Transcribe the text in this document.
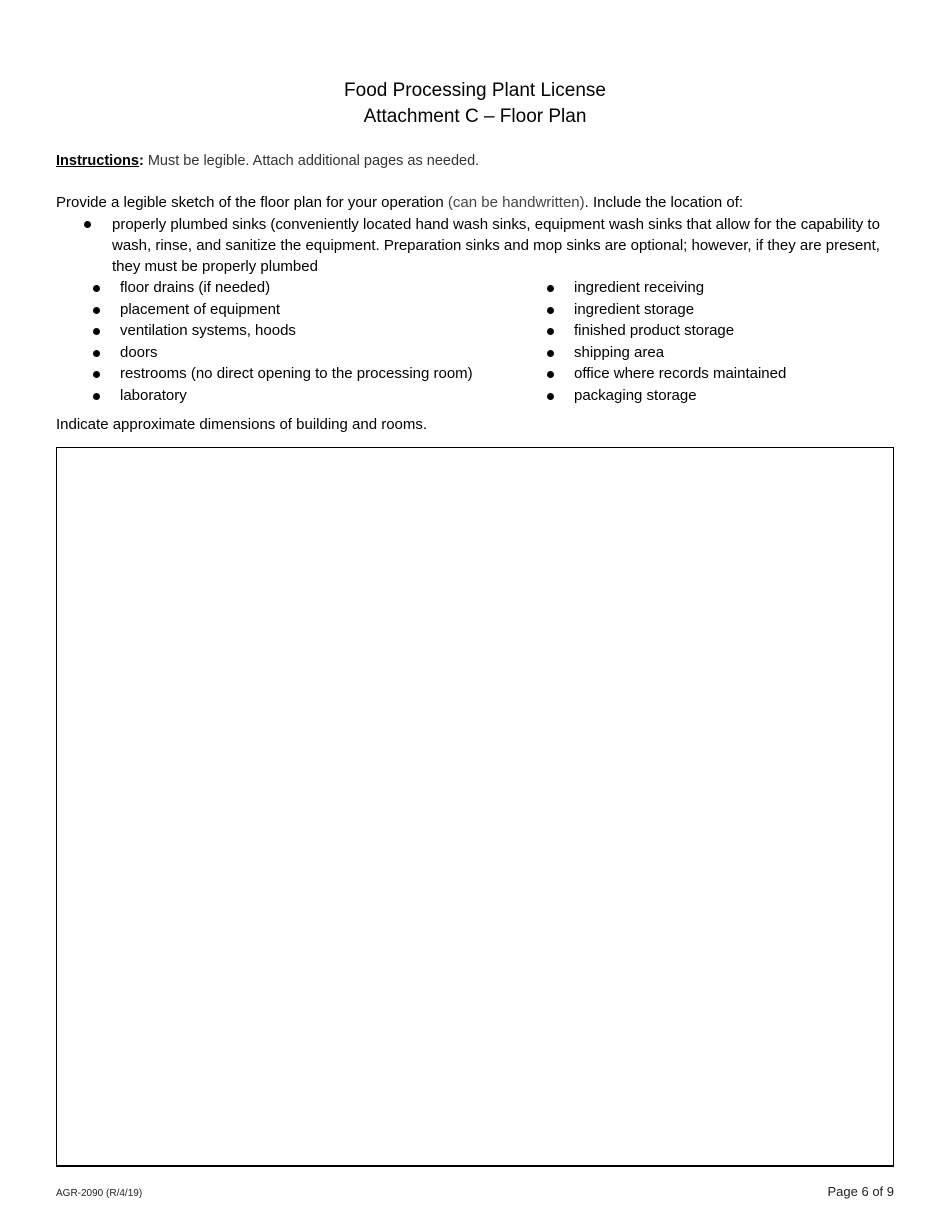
Food Processing Plant License
Attachment C – Floor Plan
Instructions: Must be legible. Attach additional pages as needed.
Provide a legible sketch of the floor plan for your operation (can be handwritten). Include the location of:
properly plumbed sinks (conveniently located hand wash sinks, equipment wash sinks that allow for the capability to wash, rinse, and sanitize the equipment. Preparation sinks and mop sinks are optional; however, if they are present, they must be properly plumbed
floor drains (if needed)
placement of equipment
ventilation systems, hoods
doors
restrooms (no direct opening to the processing room)
laboratory
ingredient receiving
ingredient storage
finished product storage
shipping area
office where records maintained
packaging storage
Indicate approximate dimensions of building and rooms.
AGR-2090 (R/4/19)	Page 6 of 9
